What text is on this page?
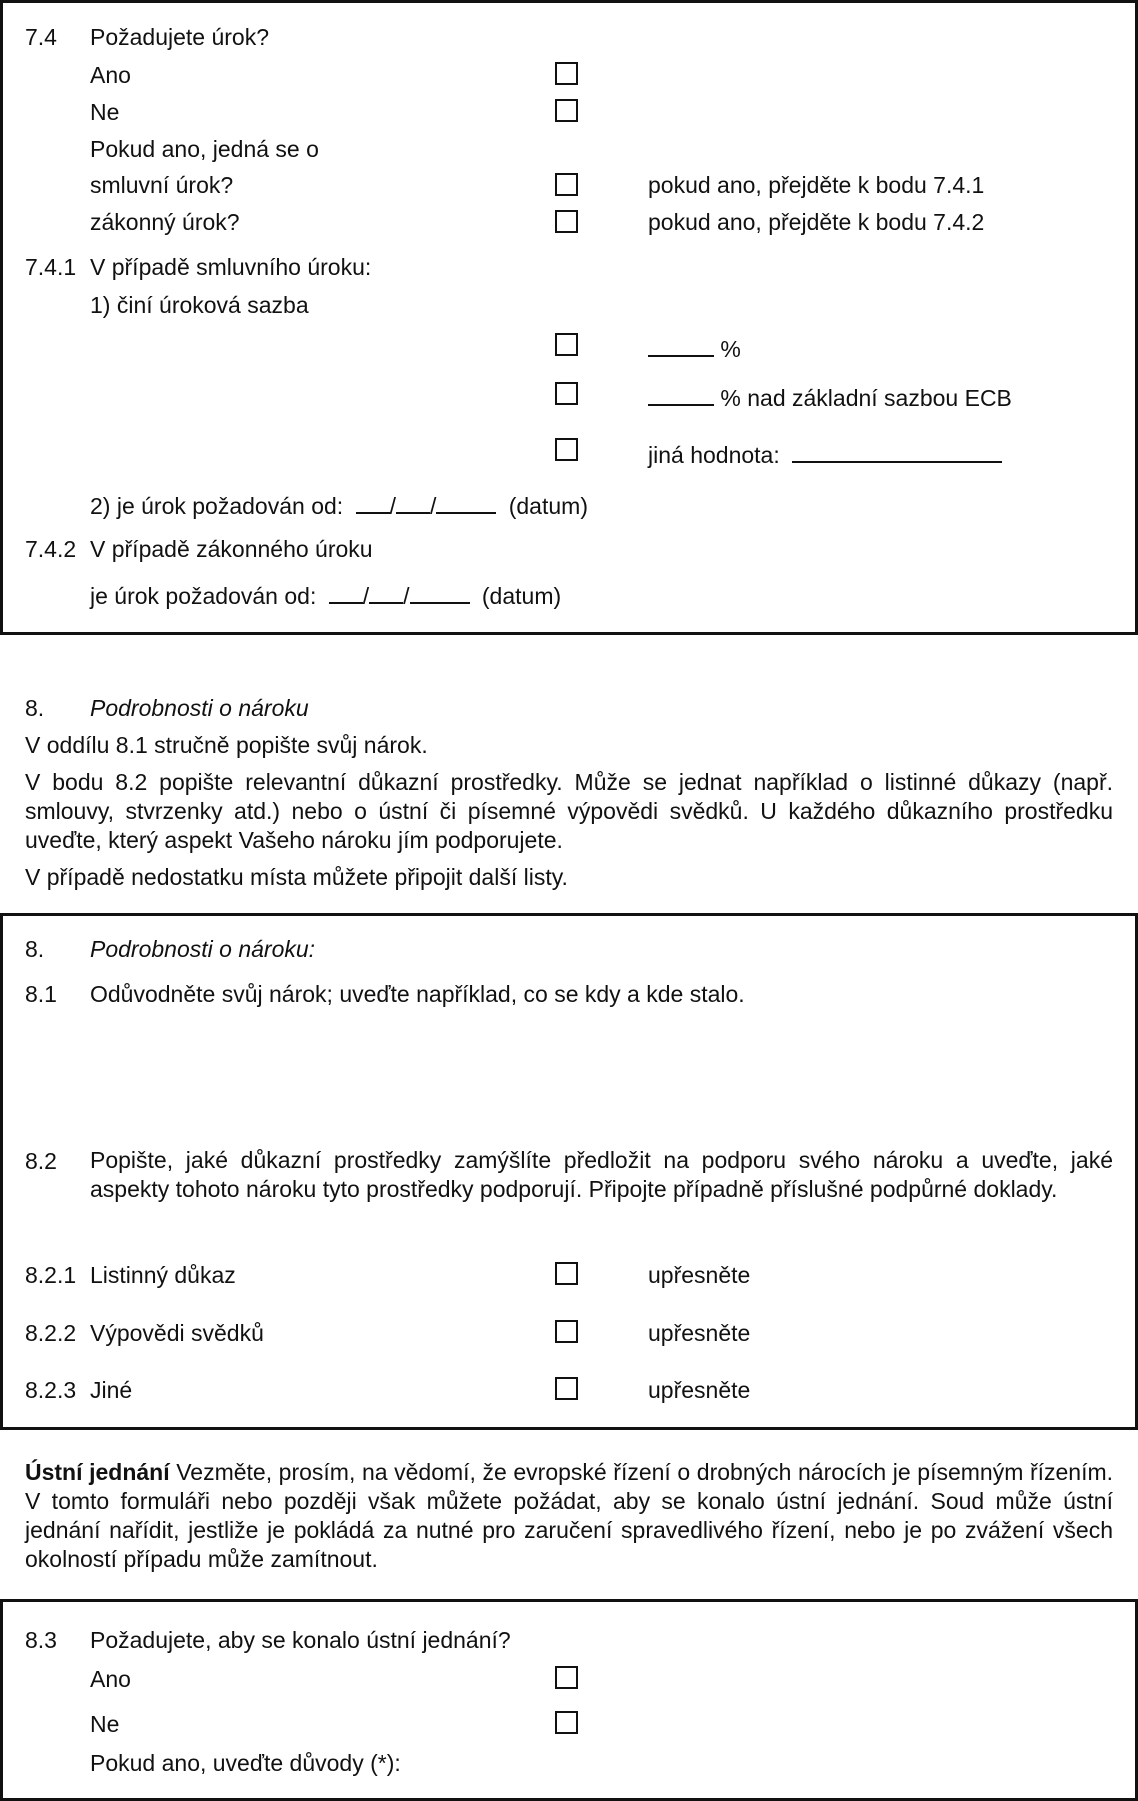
7.4 Požadujete úrok?
Ano
Ne
Pokud ano, jedná se o
smluvní úrok?	pokud ano, přejděte k bodu 7.4.1
zákonný úrok?	pokud ano, přejděte k bodu 7.4.2
7.4.1 V případě smluvního úroku:
1) činí úroková sazba
%
% nad základní sazbou ECB
jiná hodnota:
2) je úrok požadován od: / /	(datum)
7.4.2 V případě zákonného úroku
je úrok požadován od: / /	(datum)
8. Podrobnosti o nároku
V oddílu 8.1 stručně popište svůj nárok.
V bodu 8.2 popište relevantní důkazní prostředky. Může se jednat například o listinné důkazy (např. smlouvy, stvrzenky atd.) nebo o ústní či písemné výpovědi svědků. U každého důkazního prostředku uveďte, který aspekt Vašeho nároku jím podporujete.
V případě nedostatku místa můžete připojit další listy.
8. Podrobnosti o nároku:
8.1 Odůvodněte svůj nárok; uveďte například, co se kdy a kde stalo.
8.2 Popište, jaké důkazní prostředky zamýšlíte předložit na podporu svého nároku a uveďte, jaké aspekty tohoto nároku tyto prostředky podporují. Připojte případně příslušné podpůrné doklady.
8.2.1 Listinný důkaz	upřesněte
8.2.2 Výpovědi svědků	upřesněte
8.2.3 Jiné	upřesněte
Ústní jednání Vezměte, prosím, na vědomí, že evropské řízení o drobných nárocích je písemným řízením. V tomto formuláři nebo později však můžete požádat, aby se konalo ústní jednání. Soud může ústní jednání nařídit, jestliže je pokládá za nutné pro zaručení spravedlivého řízení, nebo je po zvážení všech okolností případu může zamítnout.
8.3 Požadujete, aby se konalo ústní jednání?
Ano
Ne
Pokud ano, uveďte důvody (*):
